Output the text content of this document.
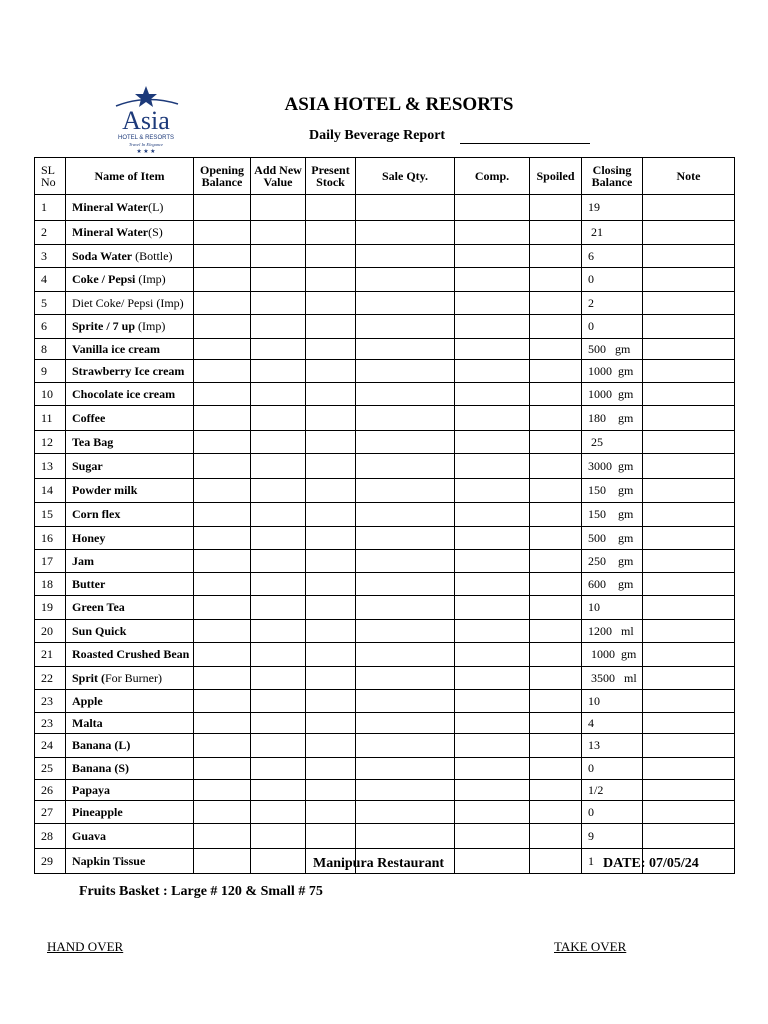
Asia
HOTEL & RESORTS
Travel In Elegance
★ ★ ★
ASIA HOTEL & RESORTS
Daily Beverage Report
SL No	Name of Item	Opening Balance	Add New Value	Present Stock	Sale Qty.	Comp.	Spoiled	Closing Balance	Note
1	Mineral Water(L)							19	
2	Mineral Water(S)							21	
3	Soda Water (Bottle)							6	
4	Coke / Pepsi (Imp)							0	
5	Diet Coke/ Pepsi (Imp)							2	
6	Sprite / 7 up (Imp)							0	
8	Vanilla ice cream							500   gm	
9	Strawberry Ice cream							1000  gm	
10	Chocolate ice cream							1000  gm	
11	Coffee							180    gm	
12	Tea Bag							25	
13	Sugar							3000  gm	
14	Powder milk							150    gm	
15	Corn flex							150    gm	
16	Honey							500    gm	
17	Jam							250    gm	
18	Butter							600    gm	
19	Green Tea							10	
20	Sun Quick							1200   ml	
21	Roasted Crushed Bean							1000  gm	
22	Sprit (For Burner)							3500   ml	
23	Apple							10	
23	Malta							4	
24	Banana (L)							13	
25	Banana (S)							0	
26	Papaya							1/2	
27	Pineapple							0	
28	Guava							9	
29	Napkin Tissue							1	
Manipura Restaurant	DATE: 07/05/24
Fruits Basket : Large # 120 & Small # 75
HAND OVER	TAKE OVER
